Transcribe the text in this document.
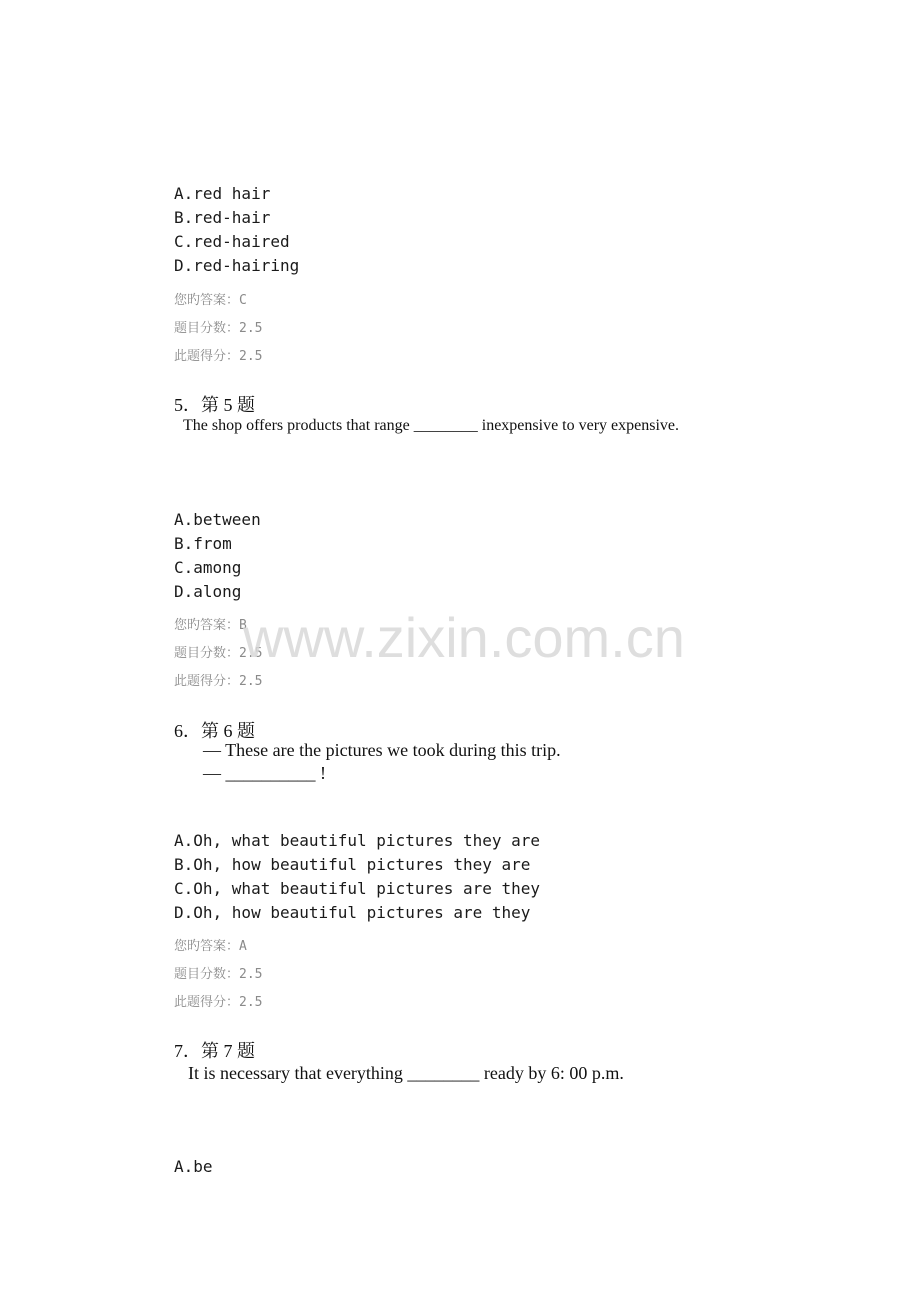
A.red hair
B.red-hair
C.red-haired
D.red-hairing
您旳答案：C
题目分数：2.5
此题得分：2.5
5．第 5 题
The shop offers products that range ________ inexpensive to very expensive.
A.between
B.from
C.among
D.along
您旳答案：B
题目分数：2.5
此题得分：2.5
6．第 6 题
— These are the pictures we took during this trip.
— __________ !
A.Oh, what beautiful pictures they are
B.Oh, how beautiful pictures they are
C.Oh, what beautiful pictures are they
D.Oh, how beautiful pictures are they
您旳答案：A
题目分数：2.5
此题得分：2.5
7．第 7 题
It is necessary that everything ________ ready by 6: 00 p.m.
A.be
www.zixin.com.cn
